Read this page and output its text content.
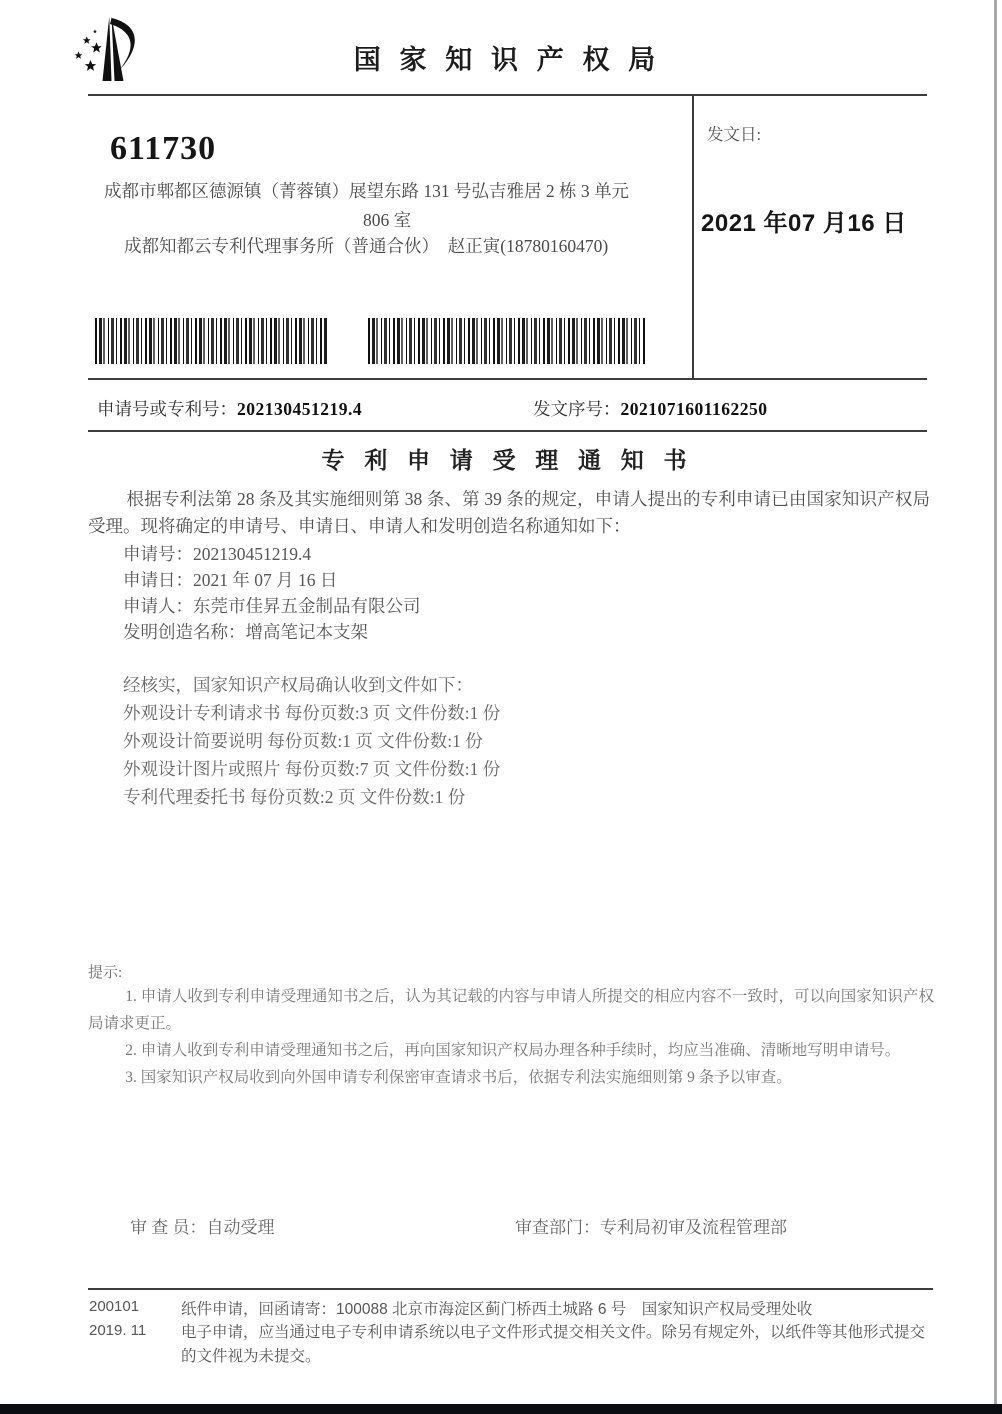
国 家 知 识 产 权 局
611730
成都市郫都区德源镇（菁蓉镇）展望东路 131 号弘吉雅居 2 栋 3 单元
806 室
成都知都云专利代理事务所（普通合伙）　赵正寅(18780160470)
发文日:
2021 年07 月16 日
申请号或专利号：202130451219.4	发文序号：2021071601162250
专 利 申 请 受 理 通 知 书

根据专利法第 28 条及其实施细则第 38 条、第 39 条的规定，申请人提出的专利申请已由国家知识产权局受理。现将确定的申请号、申请日、申请人和发明创造名称通知如下：

申请号：202130451219.4
申请日：2021 年 07 月 16 日
申请人：东莞市佳昇五金制品有限公司
发明创造名称：增高笔记本支架
经核实，国家知识产权局确认收到文件如下：
外观设计专利请求书 每份页数:3 页 文件份数:1 份
外观设计简要说明 每份页数:1 页 文件份数:1 份
外观设计图片或照片 每份页数:7 页 文件份数:1 份
专利代理委托书 每份页数:2 页 文件份数:1 份
提示:

1. 申请人收到专利申请受理通知书之后，认为其记载的内容与申请人所提交的相应内容不一致时，可以向国家知识产权局请求更正。

2. 申请人收到专利申请受理通知书之后，再向国家知识产权局办理各种手续时，均应当准确、清晰地写明申请号。

3. 国家知识产权局收到向外国申请专利保密审查请求书后，依据专利法实施细则第 9 条予以审查。

审 查 员：自动受理	审查部门：专利局初审及流程管理部
200101
2019. 11
纸件申请，回函请寄：100088 北京市海淀区蓟门桥西土城路 6 号　国家知识产权局受理处收
电子申请，应当通过电子专利申请系统以电子文件形式提交相关文件。除另有规定外，以纸件等其他形式提交的文件视为未提交。
